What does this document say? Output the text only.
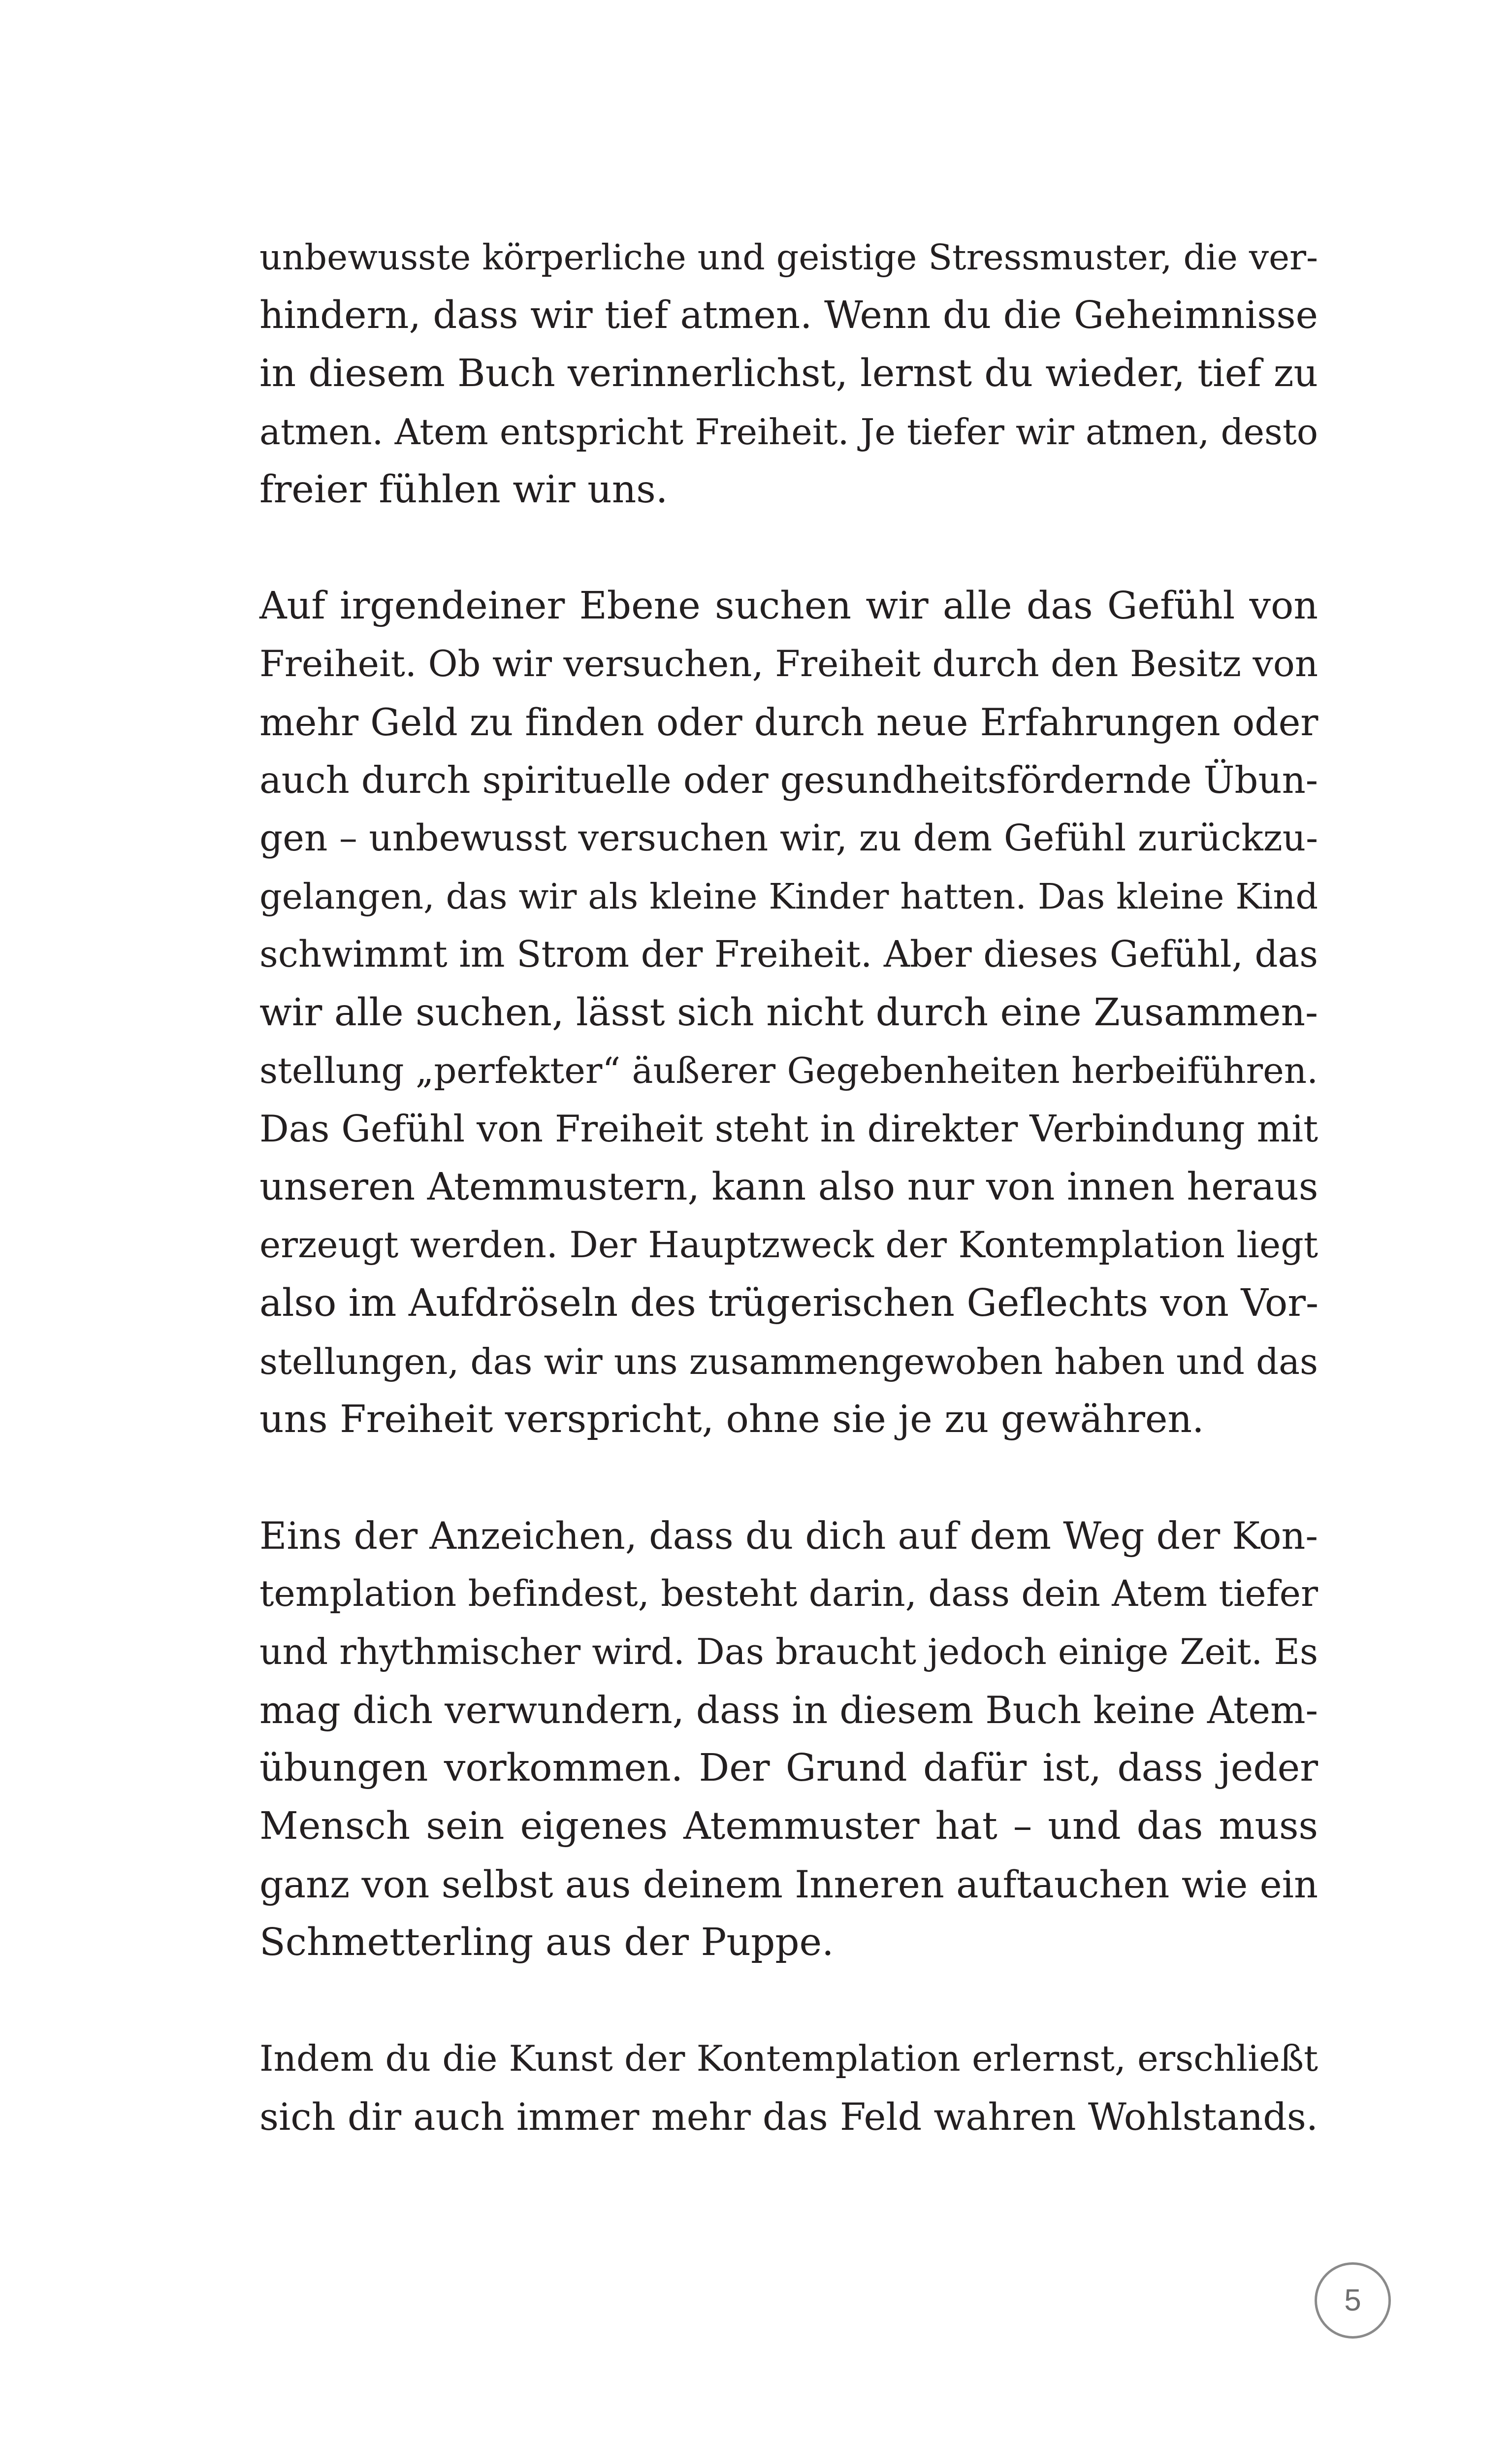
unbewusste körperliche und geistige Stressmuster, die ver-
hindern, dass wir tief atmen. Wenn du die Geheimnisse
in diesem Buch verinnerlichst, lernst du wieder, tief zu
atmen. Atem entspricht Freiheit. Je tiefer wir atmen, desto
freier fühlen wir uns.
Auf irgendeiner Ebene suchen wir alle das Gefühl von
Freiheit. Ob wir versuchen, Freiheit durch den Besitz von
mehr Geld zu finden oder durch neue Erfahrungen oder
auch durch spirituelle oder gesundheitsfördernde Übun-
gen – unbewusst versuchen wir, zu dem Gefühl zurückzu-
gelangen, das wir als kleine Kinder hatten. Das kleine Kind
schwimmt im Strom der Freiheit. Aber dieses Gefühl, das
wir alle suchen, lässt sich nicht durch eine Zusammen-
stellung „perfekter“ äußerer Gegebenheiten herbeiführen.
Das Gefühl von Freiheit steht in direkter Verbindung mit
unseren Atemmustern, kann also nur von innen heraus
erzeugt werden. Der Hauptzweck der Kontemplation liegt
also im Aufdröseln des trügerischen Geflechts von Vor-
stellungen, das wir uns zusammengewoben haben und das
uns Freiheit verspricht, ohne sie je zu gewähren.
Eins der Anzeichen, dass du dich auf dem Weg der Kon-
templation befindest, besteht darin, dass dein Atem tiefer
und rhythmischer wird. Das braucht jedoch einige Zeit. Es
mag dich verwundern, dass in diesem Buch keine Atem-
übungen vorkommen. Der Grund dafür ist, dass jeder
Mensch sein eigenes Atemmuster hat – und das muss
ganz von selbst aus deinem Inneren auftauchen wie ein
Schmetterling aus der Puppe.
Indem du die Kunst der Kontemplation erlernst, erschließt
sich dir auch immer mehr das Feld wahren Wohlstands.
5
